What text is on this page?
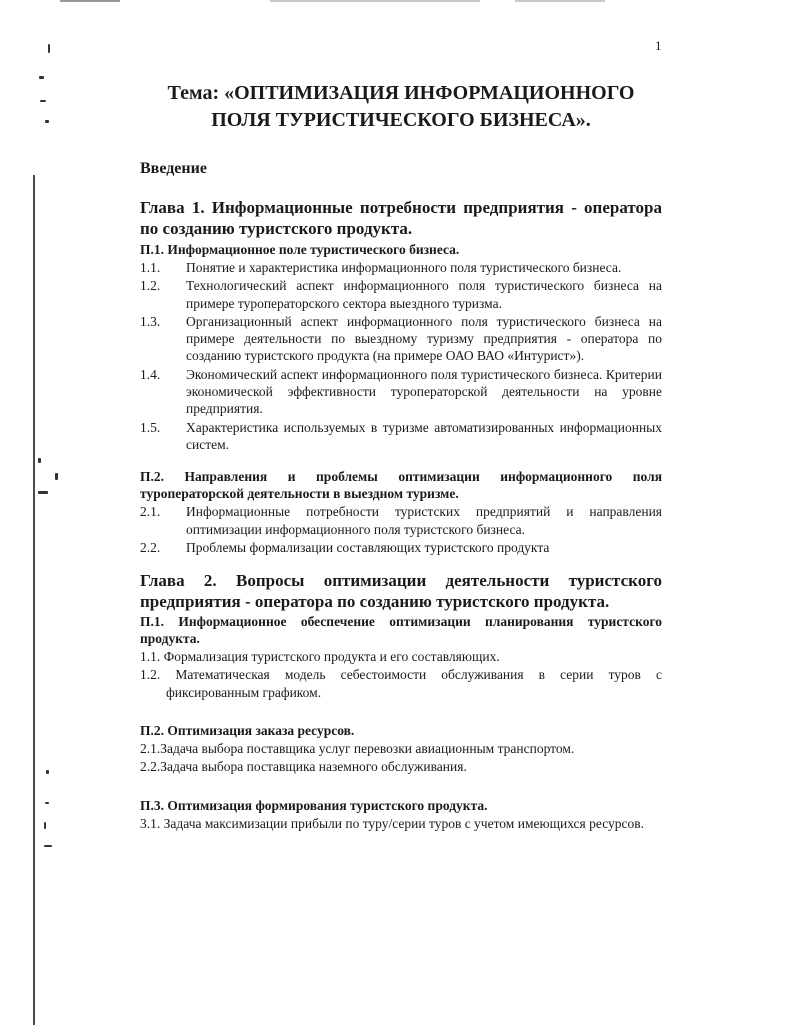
1
Тема: «ОПТИМИЗАЦИЯ ИНФОРМАЦИОННОГО ПОЛЯ ТУРИСТИЧЕСКОГО БИЗНЕСА».
Введение
Глава 1. Информационные потребности предприятия - оператора по созданию туристского продукта.
П.1. Информационное поле туристического бизнеса.
1.1.	Понятие и характеристика информационного поля туристического бизнеса.
1.2.	Технологический аспект информационного поля туристического бизнеса на примере туроператорского сектора выездного туризма.
1.3.	Организационный аспект информационного поля туристического бизнеса на примере деятельности по выездному туризму предприятия - оператора по созданию туристского продукта (на примере ОАО ВАО «Интурист»).
1.4.	Экономический аспект информационного поля туристического бизнеса. Критерии экономической эффективности туроператорской деятельности на уровне предприятия.
1.5.	Характеристика используемых в туризме автоматизированных информационных систем.
П.2. Направления и проблемы оптимизации информационного поля туроператорской деятельности в выездном туризме.
2.1.	Информационные потребности туристских предприятий и направления оптимизации информационного поля туристского бизнеса.
2.2.	Проблемы формализации составляющих туристского продукта
Глава 2. Вопросы оптимизации деятельности туристского предприятия - оператора по созданию туристского продукта.
П.1. Информационное обеспечение оптимизации планирования туристского продукта.
1.1. Формализация туристского продукта и его составляющих.
1.2. Математическая модель себестоимости обслуживания в серии туров с фиксированным графиком.
П.2. Оптимизация заказа ресурсов.
2.1.Задача выбора поставщика услуг перевозки авиационным транспортом.
2.2.Задача выбора поставщика наземного обслуживания.
П.3. Оптимизация формирования туристского продукта.
3.1. Задача максимизации прибыли по туру/серии туров с учетом имеющихся ресурсов.
